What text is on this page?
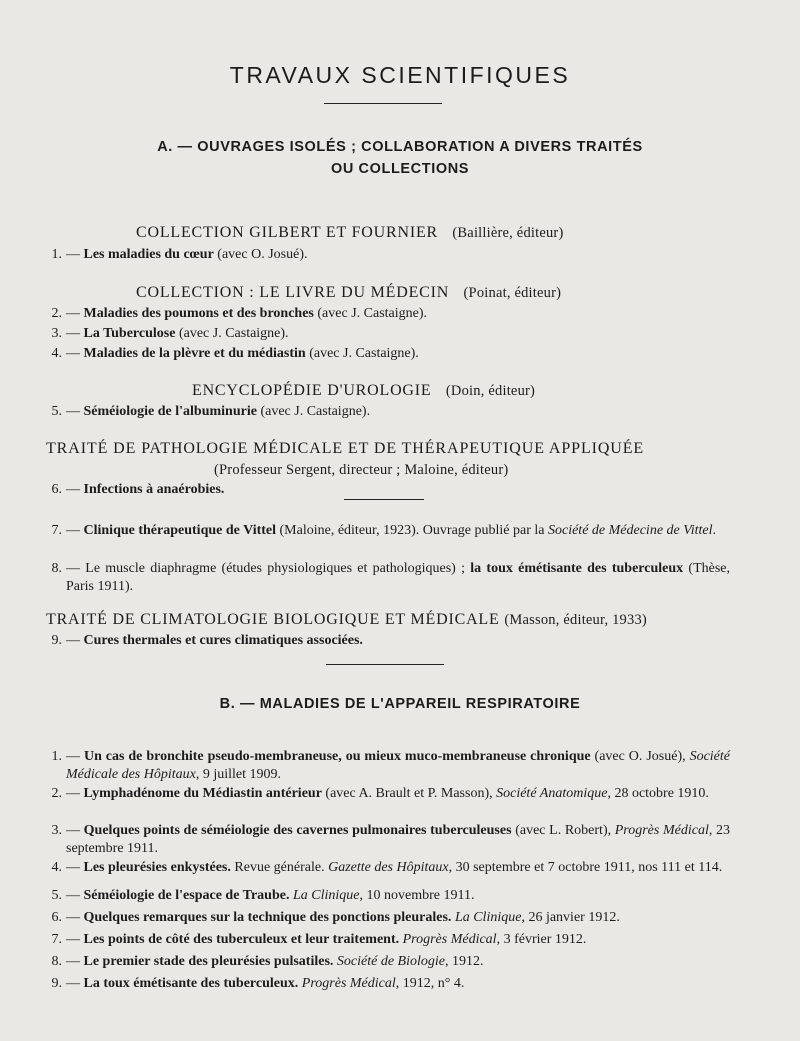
TRAVAUX SCIENTIFIQUES
A. — OUVRAGES ISOLÉS ; COLLABORATION A DIVERS TRAITÉS
OU COLLECTIONS
COLLECTION GILBERT ET FOURNIER (Baillière, éditeur)
1. — Les maladies du cœur (avec O. Josué).
COLLECTION : LE LIVRE DU MÉDECIN (Poinat, éditeur)
2. — Maladies des poumons et des bronches (avec J. Castaigne).
3. — La Tuberculose (avec J. Castaigne).
4. — Maladies de la plèvre et du médiastin (avec J. Castaigne).
ENCYCLOPÉDIE D'UROLOGIE (Doin, éditeur)
5. — Séméiologie de l'albuminurie (avec J. Castaigne).
TRAITÉ DE PATHOLOGIE MÉDICALE ET DE THÉRAPEUTIQUE APPLIQUÉE
(Professeur Sergent, directeur ; Maloine, éditeur)
6. — Infections à anaérobies.
7. — Clinique thérapeutique de Vittel (Maloine, éditeur, 1923). Ouvrage publié par la Société de Médecine de Vittel.
8. — Le muscle diaphragme (études physiologiques et pathologiques) ; la toux émétisante des tuberculeux (Thèse, Paris 1911).
TRAITÉ DE CLIMATOLOGIE BIOLOGIQUE ET MÉDICALE (Masson, éditeur, 1933)
9. — Cures thermales et cures climatiques associées.
B. — MALADIES DE L'APPAREIL RESPIRATOIRE
1. — Un cas de bronchite pseudo-membraneuse, ou mieux muco-membraneuse chronique (avec O. Josué), Société Médicale des Hôpitaux, 9 juillet 1909.
2. — Lymphadénome du Médiastin antérieur (avec A. Brault et P. Masson), Société Anatomique, 28 octobre 1910.
3. — Quelques points de séméiologie des cavernes pulmonaires tuberculeuses (avec L. Robert), Progrès Médical, 23 septembre 1911.
4. — Les pleurésies enkystées. Revue générale. Gazette des Hôpitaux, 30 septembre et 7 octobre 1911, nos 111 et 114.
5. — Séméiologie de l'espace de Traube. La Clinique, 10 novembre 1911.
6. — Quelques remarques sur la technique des ponctions pleurales. La Clinique, 26 janvier 1912.
7. — Les points de côté des tuberculeux et leur traitement. Progrès Médical, 3 février 1912.
8. — Le premier stade des pleurésies pulsatiles. Société de Biologie, 1912.
9. — La toux émétisante des tuberculeux. Progrès Médical, 1912, n° 4.
